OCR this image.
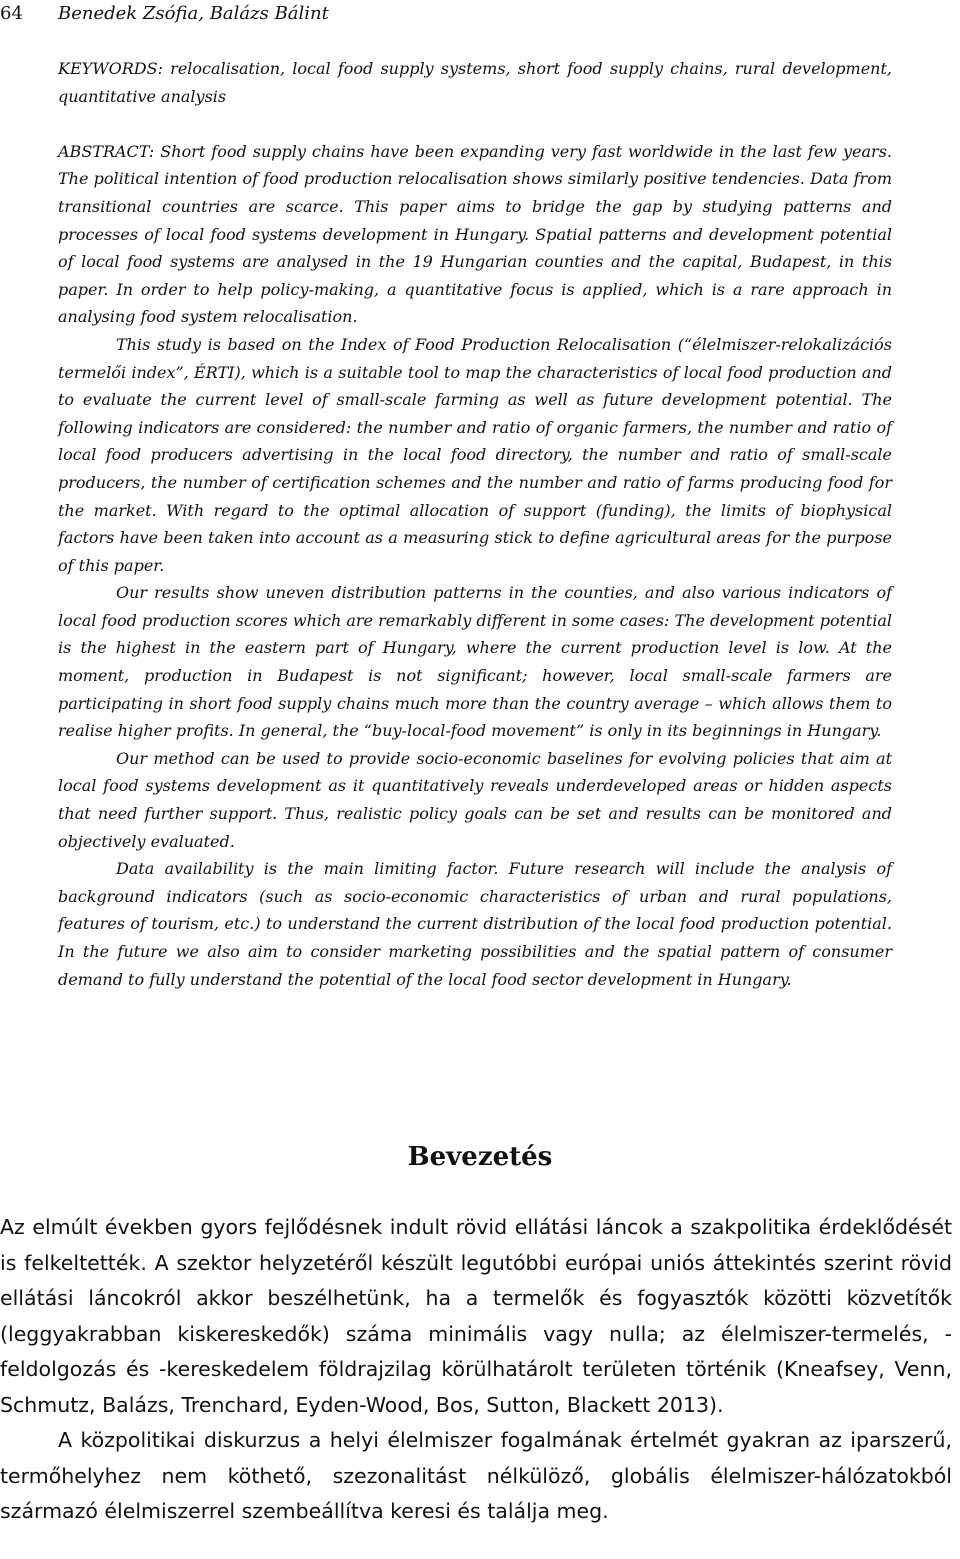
64 Benedek Zsófia, Balázs Bálint

KEYWORDS: relocalisation, local food supply systems, short food supply chains, rural development, quantitative analysis

ABSTRACT: Short food supply chains have been expanding very fast worldwide in the last few years. The political intention of food production relocalisation shows similarly positive tendencies. Data from transitional countries are scarce. This paper aims to bridge the gap by studying patterns and processes of local food systems development in Hungary. Spatial patterns and development potential of local food systems are analysed in the 19 Hungarian counties and the capital, Budapest, in this paper. In order to help policy-making, a quantitative focus is applied, which is a rare approach in analysing food system relocalisation.

This study is based on the Index of Food Production Relocalisation (“élelmiszer-relokalizációs termelői index”, ÉRTI), which is a suitable tool to map the characteristics of local food production and to evaluate the current level of small-scale farming as well as future development potential. The following indicators are considered: the number and ratio of organic farmers, the number and ratio of local food producers advertising in the local food directory, the number and ratio of small-scale producers, the number of certification schemes and the number and ratio of farms producing food for the market. With regard to the optimal allocation of support (funding), the limits of biophysical factors have been taken into account as a measuring stick to define agricultural areas for the purpose of this paper.

Our results show uneven distribution patterns in the counties, and also various indicators of local food production scores which are remarkably different in some cases: The development potential is the highest in the eastern part of Hungary, where the current production level is low. At the moment, production in Budapest is not significant; however, local small-scale farmers are participating in short food supply chains much more than the country average – which allows them to realise higher profits. In general, the “buy-local-food movement” is only in its beginnings in Hungary.

Our method can be used to provide socio-economic baselines for evolving policies that aim at local food systems development as it quantitatively reveals underdeveloped areas or hidden aspects that need further support. Thus, realistic policy goals can be set and results can be monitored and objectively evaluated.

Data availability is the main limiting factor. Future research will include the analysis of background indicators (such as socio-economic characteristics of urban and rural populations, features of tourism, etc.) to understand the current distribution of the local food production potential. In the future we also aim to consider marketing possibilities and the spatial pattern of consumer demand to fully understand the potential of the local food sector development in Hungary.

Bevezetés

Az elmúlt években gyors fejlődésnek indult rövid ellátási láncok a szakpolitika érdeklődését is felkeltették. A szektor helyzetéről készült legutóbbi európai uniós áttekintés szerint rövid ellátási láncokról akkor beszélhetünk, ha a termelők és fogyasztók közötti közvetítők (leggyakrabban kiskereskedők) száma minimális vagy nulla; az élelmiszer-termelés, -feldolgozás és -kereskedelem földrajzilag körülhatárolt területen történik (Kneafsey, Venn, Schmutz, Balázs, Trenchard, Eyden-Wood, Bos, Sutton, Blackett 2013).

A közpolitikai diskurzus a helyi élelmiszer fogalmának értelmét gyakran az iparszerű, termőhelyhez nem köthető, szezonalitást nélkülöző, globális élelmiszer-hálózatokból származó élelmiszerrel szembeállítva keresi és találja meg.
